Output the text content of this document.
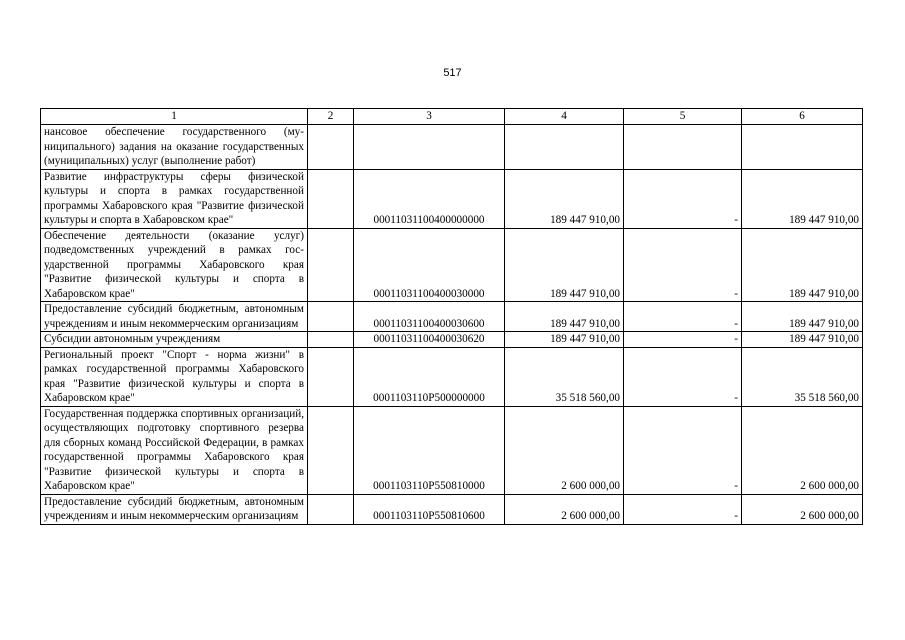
517
1	2	3	4	5	6
нансовое обеспечение государственного (муниципального) задания на оказание государственных (муниципальных) услуг (выполнение работ)					
Развитие инфраструктуры сферы физической культуры и спорта в рамках государственной программы Хабаровского края "Развитие физической культуры и спорта в Хабаровском крае"		00011031100400000000	189 447 910,00	-	189 447 910,00
Обеспечение деятельности (оказание услуг) подведомственных учреждений в рамках государственной программы Хабаровского края "Развитие физической культуры и спорта в Хабаровском крае"		00011031100400030000	189 447 910,00	-	189 447 910,00
Предоставление субсидий бюджетным, автономным учреждениям и иным некоммерческим организациям		00011031100400030600	189 447 910,00	-	189 447 910,00
Субсидии автономным учреждениям		00011031100400030620	189 447 910,00	-	189 447 910,00
Региональный проект "Спорт - норма жизни" в рамках государственной программы Хабаровского края "Развитие физической культуры и спорта в Хабаровском крае"		0001103110P500000000	35 518 560,00	-	35 518 560,00
Государственная поддержка спортивных организаций, осуществляющих подготовку спортивного резерва для сборных команд Российской Федерации, в рамках государственной программы Хабаровского края "Развитие физической культуры и спорта в Хабаровском крае"		0001103110P550810000	2 600 000,00	-	2 600 000,00
Предоставление субсидий бюджетным, автономным учреждениям и иным некоммерческим организациям		0001103110P550810600	2 600 000,00	-	2 600 000,00
